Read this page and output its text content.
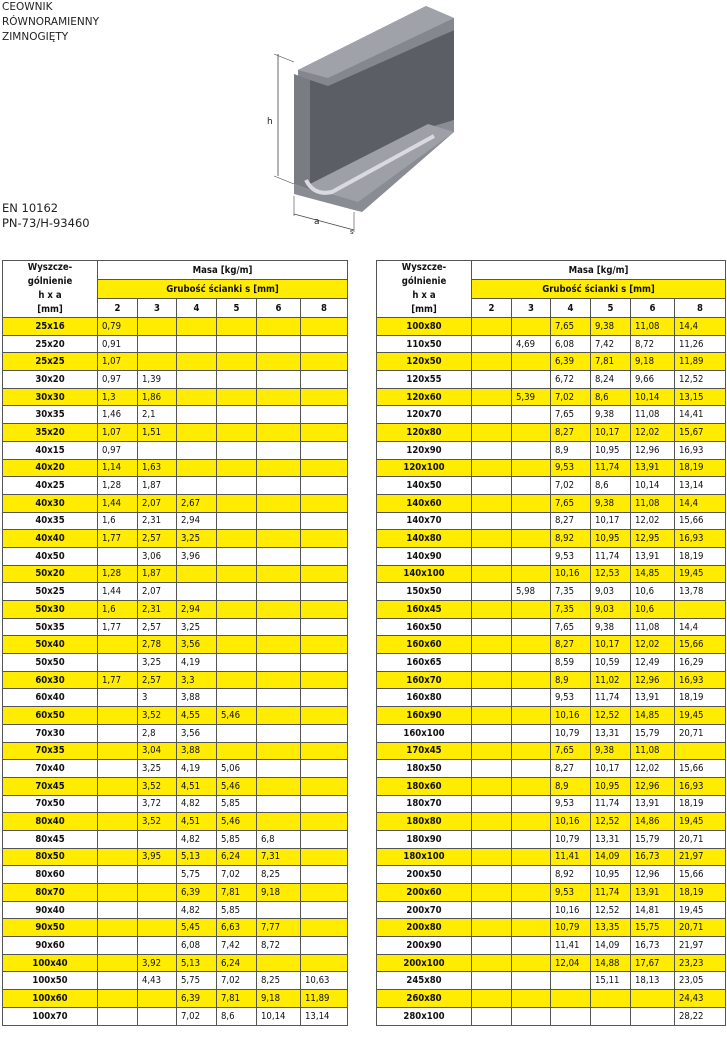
CEOWNIK
RÓWNORAMIENNY
ZIMNOGIĘTY
h
a
s
EN 10162
PN-73/H-93460
Wyszcze-
gólnienie
h x a
[mm]	Masa [kg/m]					
	Grubość ścianki s [mm]					
	2	3	4	5	6	8
25x16	0,79					
25x20	0,91					
25x25	1,07					
30x20	0,97	1,39				
30x30	1,3	1,86				
30x35	1,46	2,1				
35x20	1,07	1,51				
40x15	0,97					
40x20	1,14	1,63				
40x25	1,28	1,87				
40x30	1,44	2,07	2,67			
40x35	1,6	2,31	2,94			
40x40	1,77	2,57	3,25			
40x50		3,06	3,96			
50x20	1,28	1,87				
50x25	1,44	2,07				
50x30	1,6	2,31	2,94			
50x35	1,77	2,57	3,25			
50x40		2,78	3,56			
50x50		3,25	4,19			
60x30	1,77	2,57	3,3			
60x40		3	3,88			
60x50		3,52	4,55	5,46		
70x30		2,8	3,56			
70x35		3,04	3,88			
70x40		3,25	4,19	5,06		
70x45		3,52	4,51	5,46		
70x50		3,72	4,82	5,85		
80x40		3,52	4,51	5,46		
80x45			4,82	5,85	6,8	
80x50		3,95	5,13	6,24	7,31	
80x60			5,75	7,02	8,25	
80x70			6,39	7,81	9,18	
90x40			4,82	5,85		
90x50			5,45	6,63	7,77	
90x60			6,08	7,42	8,72	
100x40		3,92	5,13	6,24		
100x50		4,43	5,75	7,02	8,25	10,63
100x60			6,39	7,81	9,18	11,89
100x70			7,02	8,6	10,14	13,14
Wyszcze-
gólnienie
h x a
[mm]	Masa [kg/m]					
	Grubość ścianki s [mm]					
	2	3	4	5	6	8
100x80			7,65	9,38	11,08	14,4
110x50		4,69	6,08	7,42	8,72	11,26
120x50			6,39	7,81	9,18	11,89
120x55			6,72	8,24	9,66	12,52
120x60		5,39	7,02	8,6	10,14	13,15
120x70			7,65	9,38	11,08	14,41
120x80			8,27	10,17	12,02	15,67
120x90			8,9	10,95	12,96	16,93
120x100			9,53	11,74	13,91	18,19
140x50			7,02	8,6	10,14	13,14
140x60			7,65	9,38	11,08	14,4
140x70			8,27	10,17	12,02	15,66
140x80			8,92	10,95	12,95	16,93
140x90			9,53	11,74	13,91	18,19
140x100			10,16	12,53	14,85	19,45
150x50		5,98	7,35	9,03	10,6	13,78
160x45			7,35	9,03	10,6	
160x50			7,65	9,38	11,08	14,4
160x60			8,27	10,17	12,02	15,66
160x65			8,59	10,59	12,49	16,29
160x70			8,9	11,02	12,96	16,93
160x80			9,53	11,74	13,91	18,19
160x90			10,16	12,52	14,85	19,45
160x100			10,79	13,31	15,79	20,71
170x45			7,65	9,38	11,08	
180x50			8,27	10,17	12,02	15,66
180x60			8,9	10,95	12,96	16,93
180x70			9,53	11,74	13,91	18,19
180x80			10,16	12,52	14,86	19,45
180x90			10,79	13,31	15,79	20,71
180x100			11,41	14,09	16,73	21,97
200x50			8,92	10,95	12,96	15,66
200x60			9,53	11,74	13,91	18,19
200x70			10,16	12,52	14,81	19,45
200x80			10,79	13,35	15,75	20,71
200x90			11,41	14,09	16,73	21,97
200x100			12,04	14,88	17,67	23,23
245x80				15,11	18,13	23,05
260x80						24,43
280x100						28,22
